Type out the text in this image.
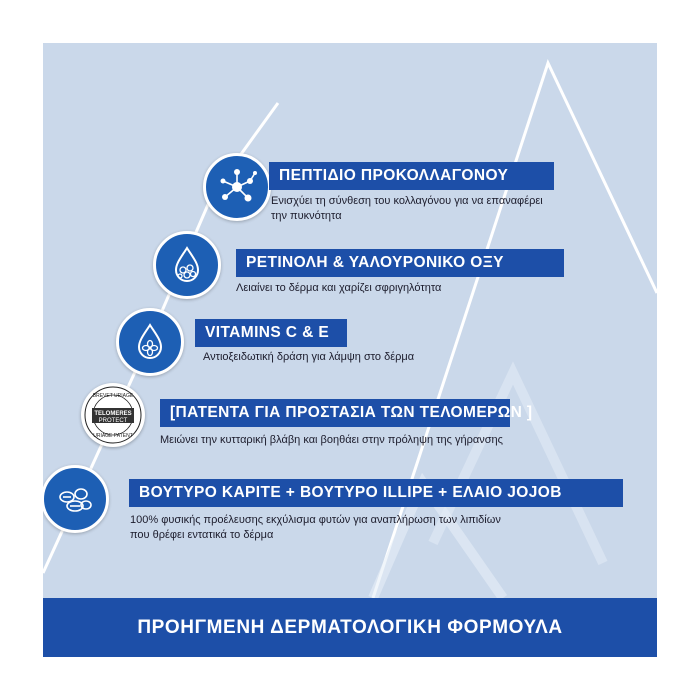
ΠΕΠΤΙΔΙΟ ΠΡΟΚΟΛΛΑΓΟΝΟΥ
Ενισχύει τη σύνθεση του κολλαγόνου για να επαναφέρει
την πυκνότητα
ΡΕΤΙΝΟΛΗ & ΥΑΛΟΥΡΟΝΙΚΟ ΟΞΥ
Λειαίνει το δέρμα και χαρίζει σφριγηλότητα
VITAMINS C & E
Αντιοξειδωτική δράση για λάμψη στο δέρμα
BREVET URIAGE
TELOMERES
PROTECT
URIAGE PATENT
[ΠΑΤΕΝΤΑ ΓΙΑ ΠΡΟΣΤΑΣΙΑ ΤΩΝ ΤΕΛΟΜΕΡΩΝ ]
Μειώνει την κυτταρική βλάβη και βοηθάει στην πρόληψη της γήρανσης
ΒΟΥΤΥΡΟ ΚΑΡΙΤΕ + ΒΟΥΤΥΡΟ ILLIPE + ΕΛΑΙΟ JOJOB
100% φυσικής προέλευσης εκχύλισμα φυτών για αναπλήρωση των λιπιδίων
που θρέφει εντατικά το δέρμα
ΠΡΟΗΓΜΕΝΗ ΔΕΡΜΑΤΟΛΟΓΙΚΗ ΦΟΡΜΟΥΛΑ
